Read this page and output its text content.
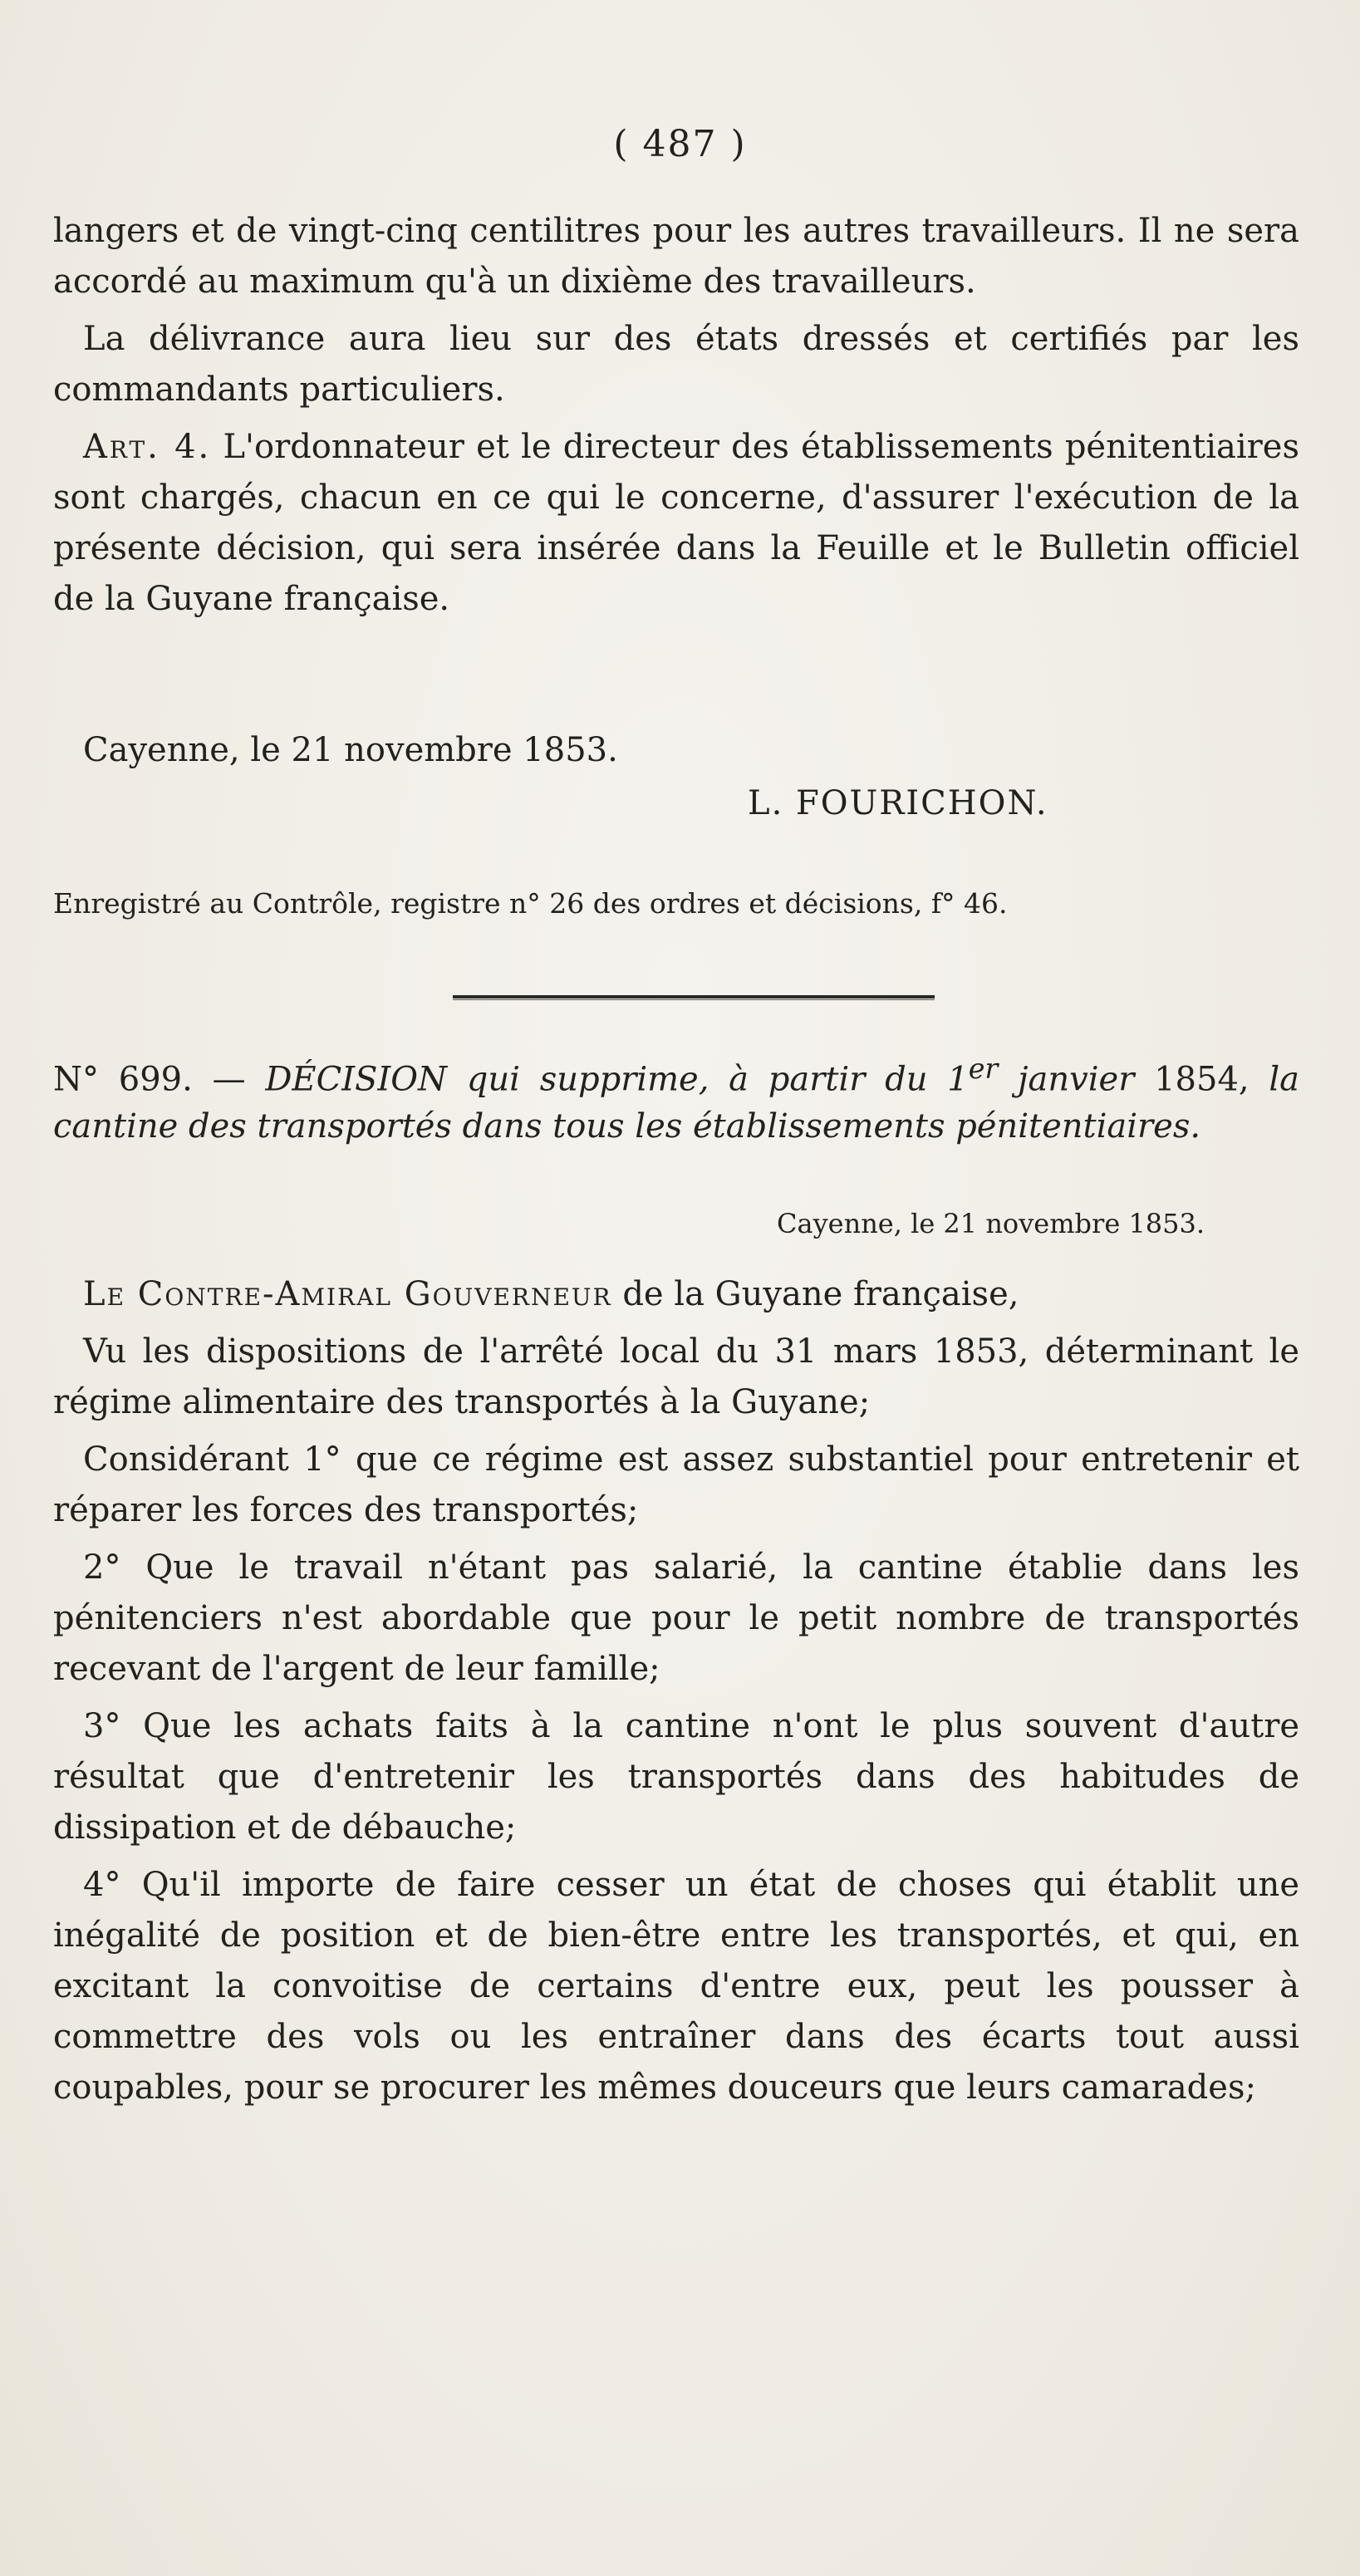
( 487 )

langers et de vingt-cinq centilitres pour les autres travailleurs. Il ne sera accordé au maximum qu'à un dixième des travailleurs.

La délivrance aura lieu sur des états dressés et certifiés par les commandants particuliers.

Art. 4. L'ordonnateur et le directeur des établissements pénitentiaires sont chargés, chacun en ce qui le concerne, d'assurer l'exécution de la présente décision, qui sera insérée dans la Feuille et le Bulletin officiel de la Guyane française.

Cayenne, le 21 novembre 1853.
L. FOURICHON.
Enregistré au Contrôle, registre n° 26 des ordres et décisions, f° 46.

N° 699. — DÉCISION qui supprime, à partir du 1er janvier 1854, la cantine des transportés dans tous les établissements pénitentiaires.

Cayenne, le 21 novembre 1853.

Le Contre-Amiral Gouverneur de la Guyane française,

Vu les dispositions de l'arrêté local du 31 mars 1853, déterminant le régime alimentaire des transportés à la Guyane;

Considérant 1° que ce régime est assez substantiel pour entretenir et réparer les forces des transportés;

2° Que le travail n'étant pas salarié, la cantine établie dans les pénitenciers n'est abordable que pour le petit nombre de transportés recevant de l'argent de leur famille;

3° Que les achats faits à la cantine n'ont le plus souvent d'autre résultat que d'entretenir les transportés dans des habitudes de dissipation et de débauche;

4° Qu'il importe de faire cesser un état de choses qui établit une inégalité de position et de bien-être entre les transportés, et qui, en excitant la convoitise de certains d'entre eux, peut les pousser à commettre des vols ou les entraîner dans des écarts tout aussi coupables, pour se procurer les mêmes douceurs que leurs camarades;
